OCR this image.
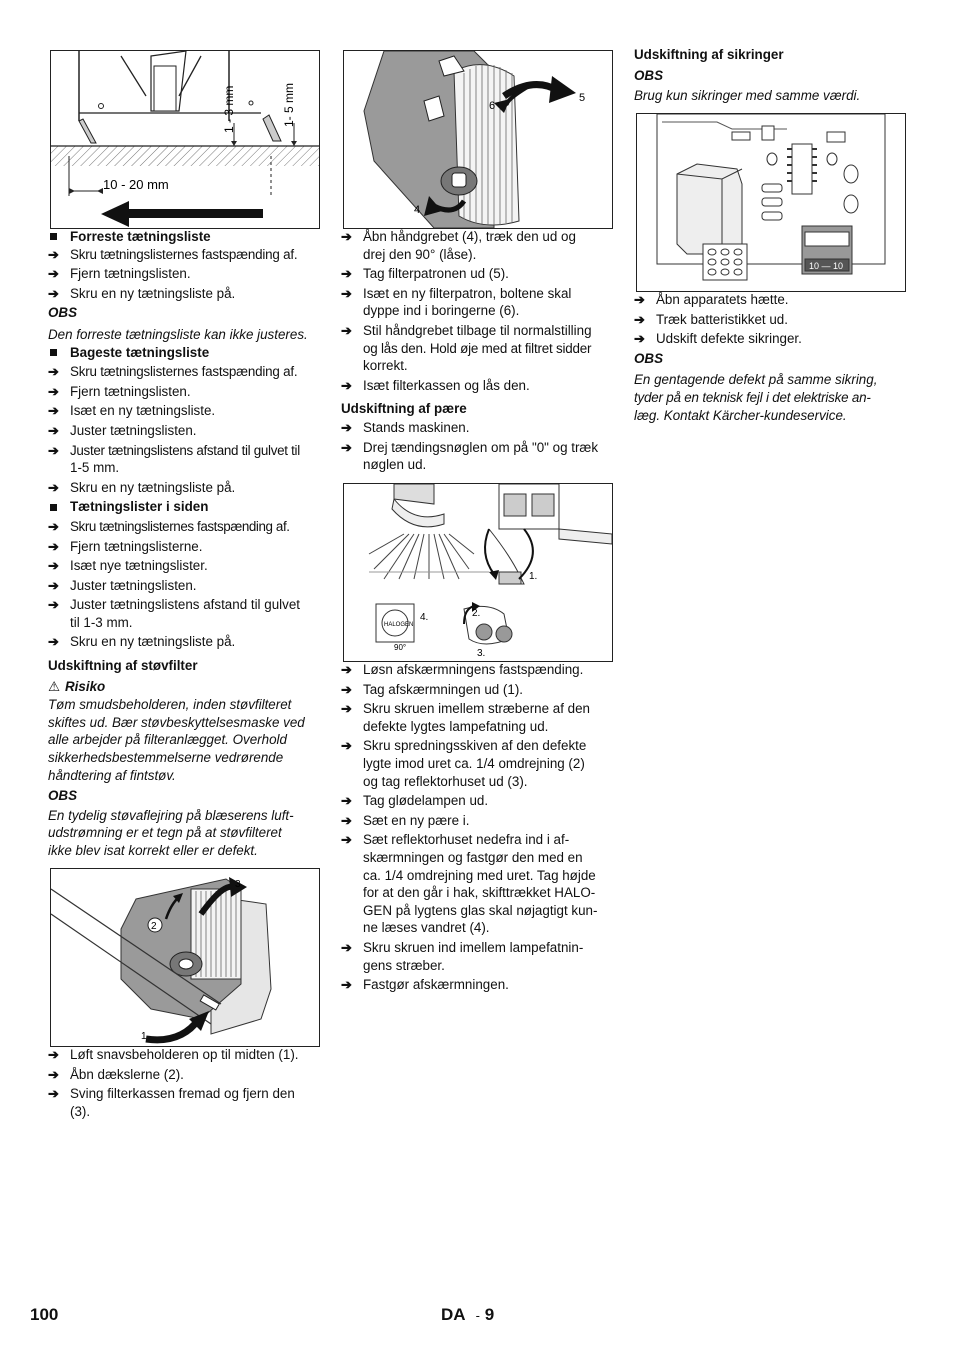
10 - 20 mm
1 - 3 mm	1- 5 mm
Forreste tætningsliste
➔ Skru tætningslisternes fastspænding af.
➔ Fjern tætningslisten.
➔ Skru en ny tætningsliste på.
OBS
Den forreste tætningsliste kan ikke justeres.
Bageste tætningsliste
➔ Skru tætningslisternes fastspænding af.
➔ Fjern tætningslisten.
➔ Isæt en ny tætningsliste.
➔ Juster tætningslisten.
➔ Juster tætningslistens afstand til gulvet til
1-5 mm.
➔ Skru en ny tætningsliste på.
Tætningslister i siden
➔ Skru tætningslisternes fastspænding af.
➔ Fjern tætningslisterne.
➔ Isæt nye tætningslister.
➔ Juster tætningslisten.
➔ Juster tætningslistens afstand til gulvet
til 1-3 mm.
➔ Skru en ny tætningsliste på.
Udskiftning af støvfilter
⚠ Risiko
Tøm smudsbeholderen, inden støvfilteret
skiftes ud. Bær støvbeskyttelsesmaske ved
alle arbejder på filteranlægget. Overhold
sikkerhedsbestemmelserne vedrørende
håndtering af fintstøv.
OBS
En tydelig støvaflejring på blæserens luft-
udstrømning er et tegn på at støvfilteret
ikke blev isat korrekt eller er defekt.
2
3
1
➔ Løft snavsbeholderen op til midten (1).
➔ Åbn dækslerne (2).
➔ Sving filterkassen fremad og fjern den
(3).
6
5
4
➔ Åbn håndgrebet (4), træk den ud og
drej den 90° (låse).
➔ Tag filterpatronen ud (5).
➔ Isæt en ny filterpatron, boltene skal
dyppe ind i boringerne (6).
➔ Stil håndgrebet tilbage til normalstilling
og lås den. Hold øje med at filtret sidder
korrekt.
➔ Isæt filterkassen og lås den.
Udskiftning af pære
➔ Stands maskinen.
➔ Drej tændingsnøglen om på "0" og træk
nøglen ud.
HALOGEN
90°
1.
2.
3.
4.
➔ Løsn afskærmningens fastspænding.
➔ Tag afskærmningen ud (1).
➔ Skru skruen imellem stræberne af den
defekte lygtes lampefatning ud.
➔ Skru spredningsskiven af den defekte
lygte imod uret ca. 1/4 omdrejning (2)
og tag reflektorhuset ud (3).
➔ Tag glødelampen ud.
➔ Sæt en ny pære i.
➔ Sæt reflektorhuset nedefra ind i af-
skærmningen og fastgør den med en
ca. 1/4 omdrejning med uret. Tag højde
for at den går i hak, skifttrækket HALO-
GEN på lygtens glas skal nøjagtigt kun-
ne læses vandret (4).
➔ Skru skruen ind imellem lampefatnin-
gens stræber.
➔ Fastgør afskærmningen.
Udskiftning af sikringer
OBS
Brug kun sikringer med samme værdi.
10 — 10
➔ Åbn apparatets hætte.
➔ Træk batteristikket ud.
➔ Udskift defekte sikringer.
OBS
En gentagende defekt på samme sikring,
tyder på en teknisk fejl i det elektriske an-
læg. Kontakt Kärcher-kundeservice.
100	DA - 9
